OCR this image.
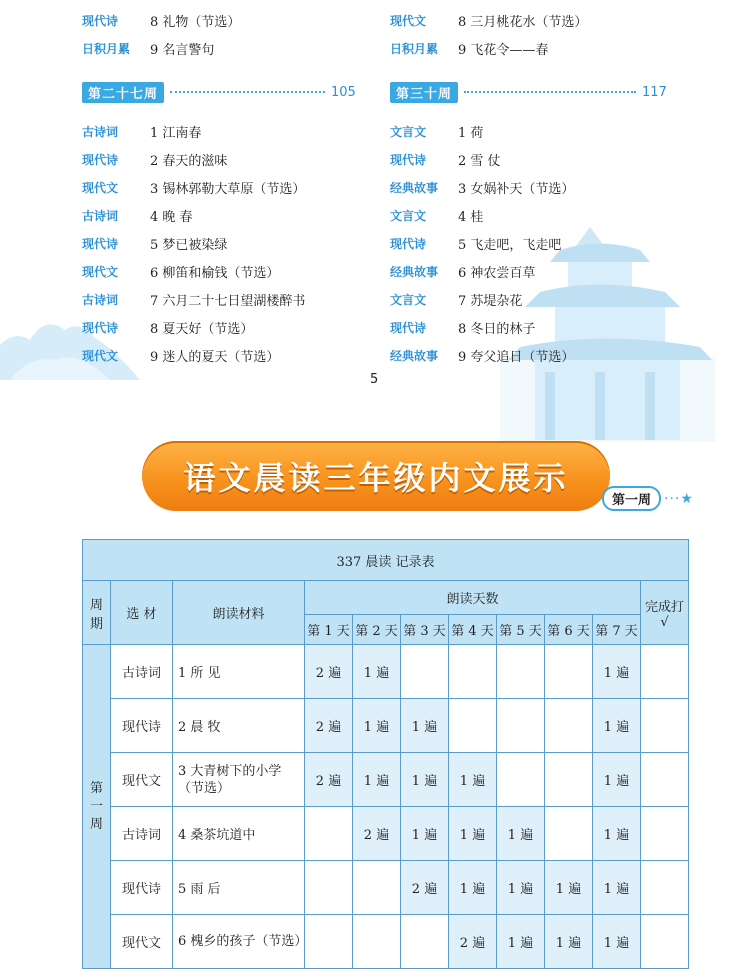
现代诗	8 礼物（节选）
日积月累	9 名言警句
现代文	8 三月桃花水（节选）
日积月累	9 飞花令——春
第二十七周	105	第三十周	117
古诗词	1 江南春
现代诗	2 春天的滋味
现代文	3 锡林郭勒大草原（节选）
古诗词	4 晚 春
现代诗	5 梦已被染绿
现代文	6 柳笛和榆钱（节选）
古诗词	7 六月二十七日望湖楼醉书
现代诗	8 夏天好（节选）
现代文	9 迷人的夏天（节选）
文言文	1 荷
现代诗	2 雪 仗
经典故事	3 女娲补天（节选）
文言文	4 桂
现代诗	5 飞走吧，飞走吧
经典故事	6 神农尝百草
文言文	7 苏堤杂花
现代诗	8 冬日的林子
经典故事	9 夸父追日（节选）
5
语文晨读三年级内文展示
第一周 ···★
337 晨读 记录表										
周期	选 材	朗读材料	朗读天数							完成打√
			第 1 天	第 2 天	第 3 天	第 4 天	第 5 天	第 6 天	第 7 天	

第一周	古诗词	1 所 见	2 遍	1 遍					1 遍	
	现代诗	2 晨 牧	2 遍	1 遍	1 遍				1 遍	
	现代文	3 大青树下的小学（节选）	2 遍	1 遍	1 遍	1 遍			1 遍	
	古诗词	4 桑茶坑道中		2 遍	1 遍	1 遍	1 遍		1 遍	
	现代诗	5 雨 后			2 遍	1 遍	1 遍	1 遍	1 遍	
	现代文	6 槐乡的孩子（节选）				2 遍	1 遍	1 遍	1 遍	
